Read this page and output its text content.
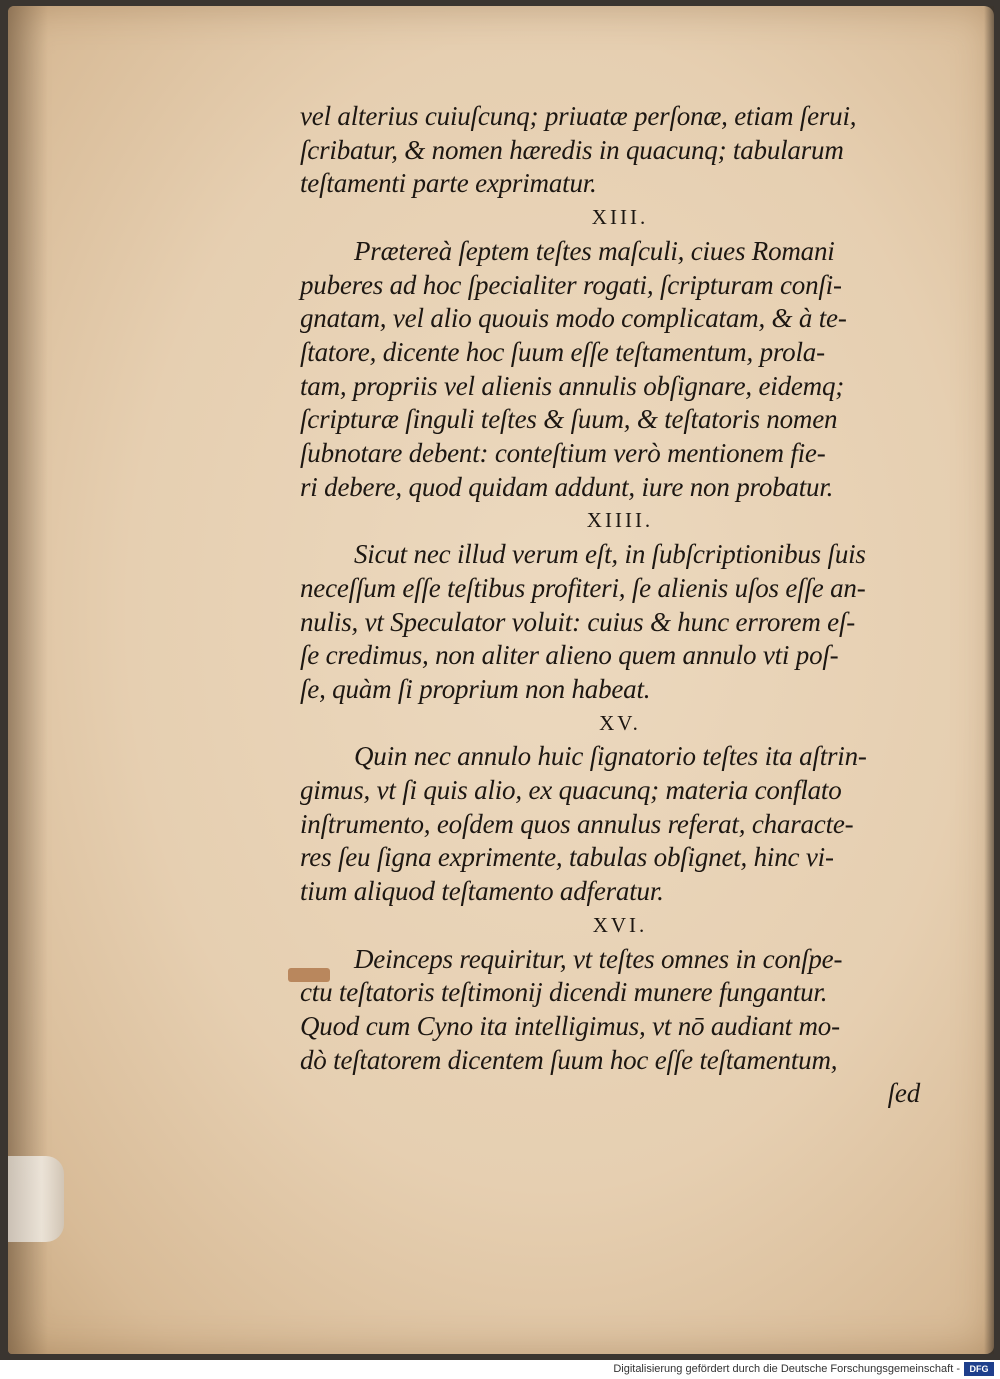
vel alterius cuiuſcunq; priuatæ perſonæ, etiam ſerui,
ſcribatur, & nomen hæredis in quacunq; tabularum
teſtamenti parte exprimatur.
XIII.
Prætereà ſeptem teſtes maſculi, ciues Romani
puberes ad hoc ſpecialiter rogati, ſcripturam conſi-
gnatam, vel alio quouis modo complicatam, & à te-
ſtatore, dicente hoc ſuum eſſe teſtamentum, prola-
tam, propriis vel alienis annulis obſignare, eidemq;
ſcripturæ ſinguli teſtes & ſuum, & teſtatoris nomen
ſubnotare debent: conteſtium verò mentionem fie-
ri debere, quod quidam addunt, iure non probatur.
XIIII.
Sicut nec illud verum eſt, in ſubſcriptionibus ſuis
neceſſum eſſe teſtibus profiteri, ſe alienis uſos eſſe an-
nulis, vt Speculator voluit: cuius & hunc errorem eſ-
ſe credimus, non aliter alieno quem annulo vti poſ-
ſe, quàm ſi proprium non habeat.
XV.
Quin nec annulo huic ſignatorio teſtes ita aſtrin-
gimus, vt ſi quis alio, ex quacunq; materia conflato
inſtrumento, eoſdem quos annulus referat, characte-
res ſeu ſigna exprimente, tabulas obſignet, hinc vi-
tium aliquod teſtamento adferatur.
XVI.
Deinceps requiritur, vt teſtes omnes in conſpe-
ctu teſtatoris teſtimonij dicendi munere fungantur.
Quod cum Cyno ita intelligimus, vt nō audiant mo-
dò teſtatorem dicentem ſuum hoc eſſe teſtamentum,
ſed
Digitalisierung gefördert durch die Deutsche Forschungsgemeinschaft -	DFG
